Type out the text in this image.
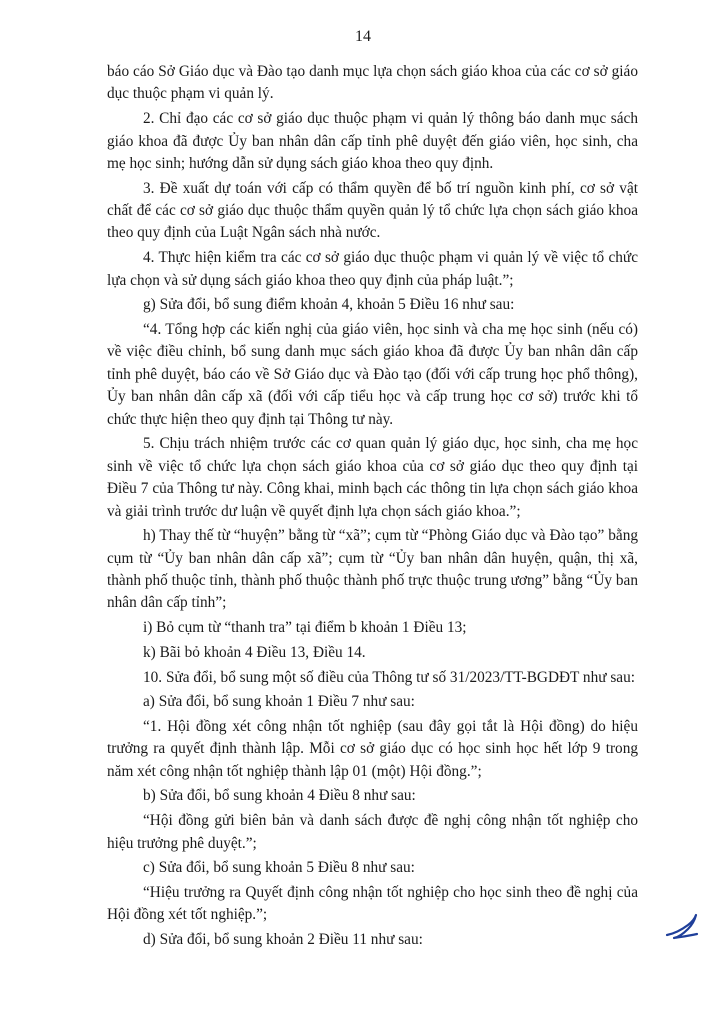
14

báo cáo Sở Giáo dục và Đào tạo danh mục lựa chọn sách giáo khoa của các cơ sở giáo dục thuộc phạm vi quản lý.

2. Chỉ đạo các cơ sở giáo dục thuộc phạm vi quản lý thông báo danh mục sách giáo khoa đã được Ủy ban nhân dân cấp tỉnh phê duyệt đến giáo viên, học sinh, cha mẹ học sinh; hướng dẫn sử dụng sách giáo khoa theo quy định.

3. Đề xuất dự toán với cấp có thẩm quyền để bố trí nguồn kinh phí, cơ sở vật chất để các cơ sở giáo dục thuộc thẩm quyền quản lý tổ chức lựa chọn sách giáo khoa theo quy định của Luật Ngân sách nhà nước.

4. Thực hiện kiểm tra các cơ sở giáo dục thuộc phạm vi quản lý về việc tổ chức lựa chọn và sử dụng sách giáo khoa theo quy định của pháp luật.”;

g) Sửa đổi, bổ sung điểm khoản 4, khoản 5 Điều 16 như sau:

“4. Tổng hợp các kiến nghị của giáo viên, học sinh và cha mẹ học sinh (nếu có) về việc điều chỉnh, bổ sung danh mục sách giáo khoa đã được Ủy ban nhân dân cấp tỉnh phê duyệt, báo cáo về Sở Giáo dục và Đào tạo (đối với cấp trung học phổ thông), Ủy ban nhân dân cấp xã (đối với cấp tiểu học và cấp trung học cơ sở) trước khi tổ chức thực hiện theo quy định tại Thông tư này.

5. Chịu trách nhiệm trước các cơ quan quản lý giáo dục, học sinh, cha mẹ học sinh về việc tổ chức lựa chọn sách giáo khoa của cơ sở giáo dục theo quy định tại Điều 7 của Thông tư này. Công khai, minh bạch các thông tin lựa chọn sách giáo khoa và giải trình trước dư luận về quyết định lựa chọn sách giáo khoa.”;

h) Thay thế từ “huyện” bằng từ “xã”; cụm từ “Phòng Giáo dục và Đào tạo” bằng cụm từ “Ủy ban nhân dân cấp xã”; cụm từ “Ủy ban nhân dân huyện, quận, thị xã, thành phố thuộc tỉnh, thành phố thuộc thành phố trực thuộc trung ương” bằng “Ủy ban nhân dân cấp tỉnh”;

i) Bỏ cụm từ “thanh tra” tại điểm b khoản 1 Điều 13;

k) Bãi bỏ khoản 4 Điều 13, Điều 14.

10. Sửa đổi, bổ sung một số điều của Thông tư số 31/2023/TT-BGDĐT như sau:

a) Sửa đổi, bổ sung khoản 1 Điều 7 như sau:

“1. Hội đồng xét công nhận tốt nghiệp (sau đây gọi tắt là Hội đồng) do hiệu trưởng ra quyết định thành lập. Mỗi cơ sở giáo dục có học sinh học hết lớp 9 trong năm xét công nhận tốt nghiệp thành lập 01 (một) Hội đồng.”;

b) Sửa đổi, bổ sung khoản 4 Điều 8 như sau:

“Hội đồng gửi biên bản và danh sách được đề nghị công nhận tốt nghiệp cho hiệu trưởng phê duyệt.”;

c) Sửa đổi, bổ sung khoản 5 Điều 8 như sau:

“Hiệu trưởng ra Quyết định công nhận tốt nghiệp cho học sinh theo đề nghị của Hội đồng xét tốt nghiệp.”;

d) Sửa đổi, bổ sung khoản 2 Điều 11 như sau:
